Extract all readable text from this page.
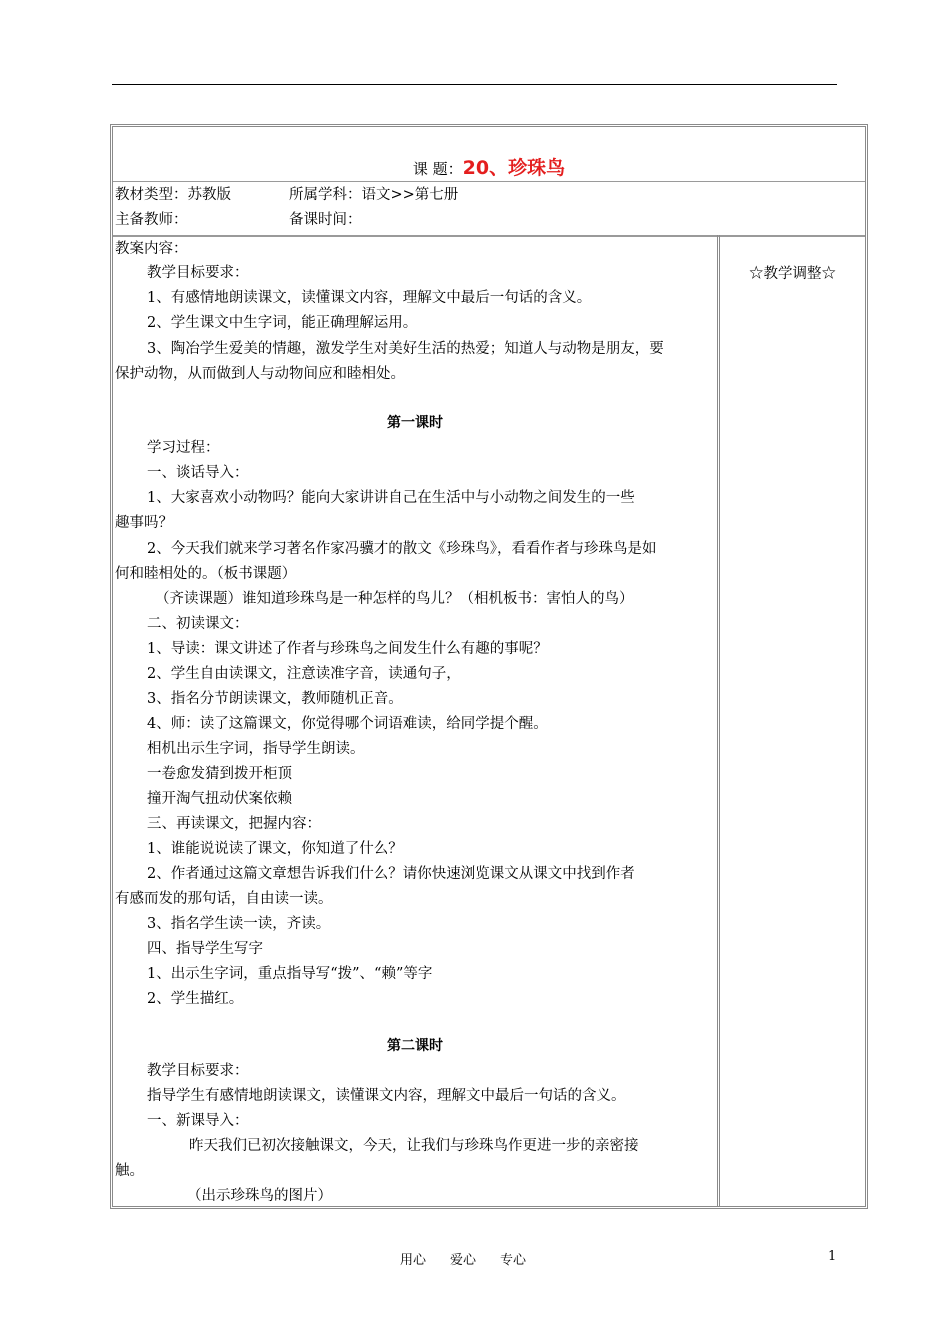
课 题：20、珍珠鸟
教材类型：苏教版	所属学科：语文>>第七册
主备教师：	备课时间：
教案内容：
教学目标要求：
1、有感情地朗读课文，读懂课文内容，理解文中最后一句话的含义。
2、学生课文中生字词，能正确理解运用。
3、陶冶学生爱美的情趣，激发学生对美好生活的热爱；知道人与动物是朋友，要
保护动物，从而做到人与动物间应和睦相处。
第一课时
学习过程：
一、谈话导入：
1、大家喜欢小动物吗？能向大家讲讲自己在生活中与小动物之间发生的一些
趣事吗？
2、今天我们就来学习著名作家冯骥才的散文《珍珠鸟》，看看作者与珍珠鸟是如
何和睦相处的。（板书课题）
（齐读课题）谁知道珍珠鸟是一种怎样的鸟儿？（相机板书：害怕人的鸟）
二、初读课文：
1、导读：课文讲述了作者与珍珠鸟之间发生什么有趣的事呢？
2、学生自由读课文，注意读准字音，读通句子，
3、指名分节朗读课文，教师随机正音。
4、师：读了这篇课文，你觉得哪个词语难读，给同学提个醒。
相机出示生字词，指导学生朗读。
一卷愈发猜到拨开柜顶
撞开淘气扭动伏案依赖
三、再读课文，把握内容：
1、谁能说说读了课文，你知道了什么？
2、作者通过这篇文章想告诉我们什么？请你快速浏览课文从课文中找到作者
有感而发的那句话，自由读一读。
3、指名学生读一读，齐读。
四、指导学生写字
1、出示生字词，重点指导写“拨”、“赖”等字
2、学生描红。
第二课时
教学目标要求：
指导学生有感情地朗读课文，读懂课文内容，理解文中最后一句话的含义。
一、新课导入：
昨天我们已初次接触课文，今天，让我们与珍珠鸟作更进一步的亲密接
触。
（出示珍珠鸟的图片）
☆教学调整☆
用心 爱心 专心	1
